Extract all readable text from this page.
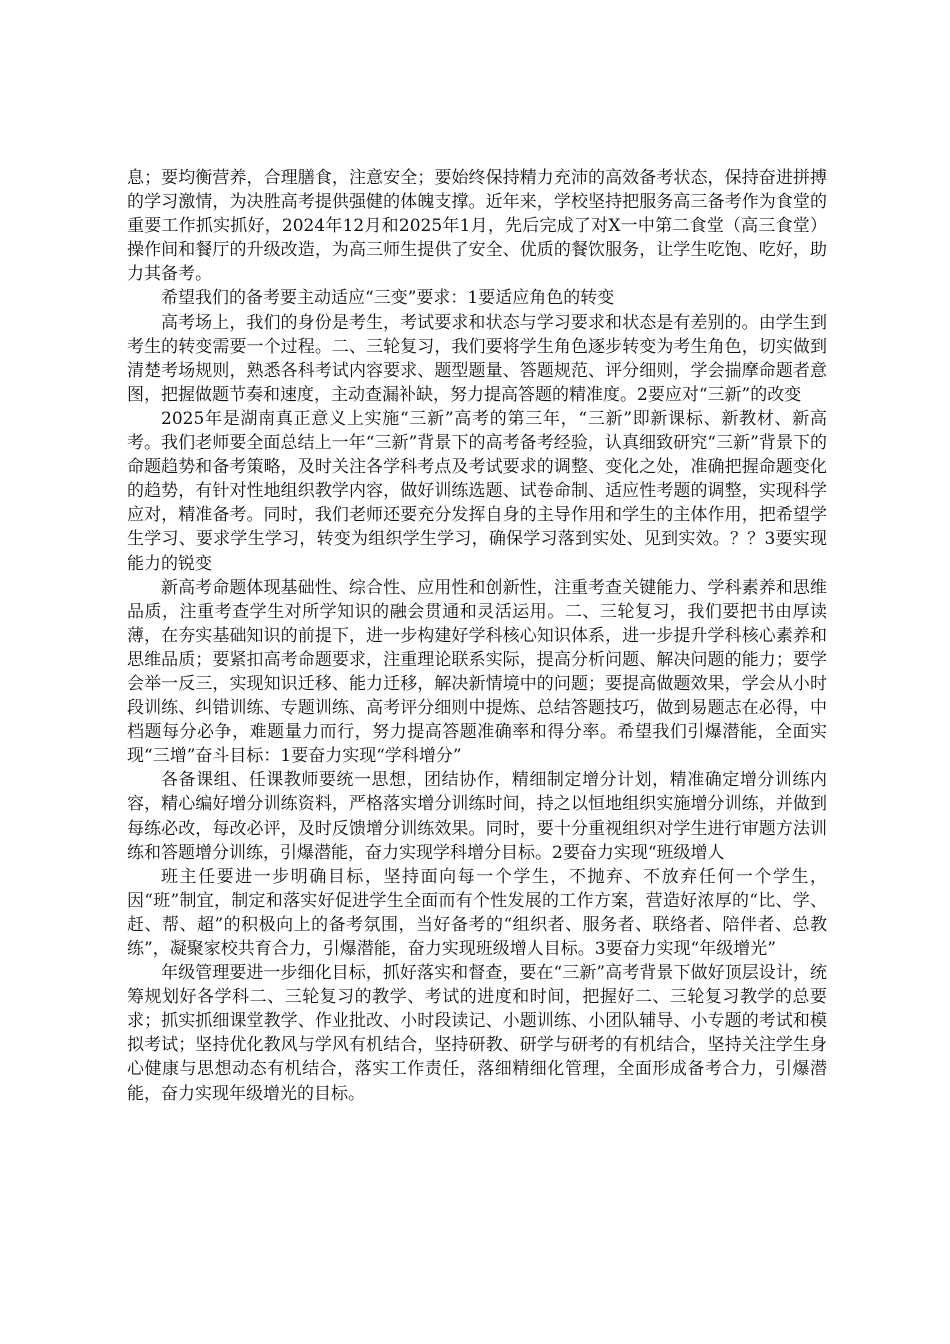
息；要均衡营养，合理膳食，注意安全；要始终保持精力充沛的高效备考状态，保持奋进拼搏的学习激情，为决胜高考提供强健的体魄支撑。近年来，学校坚持把服务高三备考作为食堂的重要工作抓实抓好，2024年12月和2025年1月，先后完成了对X一中第二食堂（高三食堂）操作间和餐厅的升级改造，为高三师生提供了安全、优质的餐饮服务，让学生吃饱、吃好，助力其备考。

希望我们的备考要主动适应“三变”要求：1要适应角色的转变

高考场上，我们的身份是考生，考试要求和状态与学习要求和状态是有差别的。由学生到考生的转变需要一个过程。二、三轮复习，我们要将学生角色逐步转变为考生角色，切实做到清楚考场规则，熟悉各科考试内容要求、题型题量、答题规范、评分细则，学会揣摩命题者意图，把握做题节奏和速度，主动查漏补缺，努力提高答题的精准度。2要应对“三新”的改变

2025年是湖南真正意义上实施“三新”高考的第三年，“三新”即新课标、新教材、新高考。我们老师要全面总结上一年“三新”背景下的高考备考经验，认真细致研究“三新”背景下的命题趋势和备考策略，及时关注各学科考点及考试要求的调整、变化之处，准确把握命题变化的趋势，有针对性地组织教学内容，做好训练选题、试卷命制、适应性考题的调整，实现科学应对，精准备考。同时，我们老师还要充分发挥自身的主导作用和学生的主体作用，把希望学生学习、要求学生学习，转变为组织学生学习，确保学习落到实处、见到实效。？？3要实现能力的锐变

新高考命题体现基础性、综合性、应用性和创新性，注重考查关键能力、学科素养和思维品质，注重考查学生对所学知识的融会贯通和灵活运用。二、三轮复习，我们要把书由厚读薄，在夯实基础知识的前提下，进一步构建好学科核心知识体系，进一步提升学科核心素养和思维品质；要紧扣高考命题要求，注重理论联系实际，提高分析问题、解决问题的能力；要学会举一反三，实现知识迁移、能力迁移，解决新情境中的问题；要提高做题效果，学会从小时段训练、纠错训练、专题训练、高考评分细则中提炼、总结答题技巧，做到易题志在必得，中档题每分必争，难题量力而行，努力提高答题准确率和得分率。希望我们引爆潜能，全面实现“三增”奋斗目标：1要奋力实现“学科增分”

各备课组、任课教师要统一思想，团结协作，精细制定增分计划，精准确定增分训练内容，精心编好增分训练资料，严格落实增分训练时间，持之以恒地组织实施增分训练，并做到每练必改，每改必评，及时反馈增分训练效果。同时，要十分重视组织对学生进行审题方法训练和答题增分训练，引爆潜能，奋力实现学科增分目标。2要奋力实现“班级增人

班主任要进一步明确目标，坚持面向每一个学生，不抛弃、不放弃任何一个学生，因“班”制宜，制定和落实好促进学生全面而有个性发展的工作方案，营造好浓厚的“比、学、赶、帮、超”的积极向上的备考氛围，当好备考的“组织者、服务者、联络者、陪伴者、总教练”，凝聚家校共育合力，引爆潜能，奋力实现班级增人目标。3要奋力实现“年级增光”

年级管理要进一步细化目标，抓好落实和督查，要在“三新”高考背景下做好顶层设计，统筹规划好各学科二、三轮复习的教学、考试的进度和时间，把握好二、三轮复习教学的总要求；抓实抓细课堂教学、作业批改、小时段读记、小题训练、小团队辅导、小专题的考试和模拟考试；坚持优化教风与学风有机结合，坚持研教、研学与研考的有机结合，坚持关注学生身心健康与思想动态有机结合，落实工作责任，落细精细化管理，全面形成备考合力，引爆潜能，奋力实现年级增光的目标。
